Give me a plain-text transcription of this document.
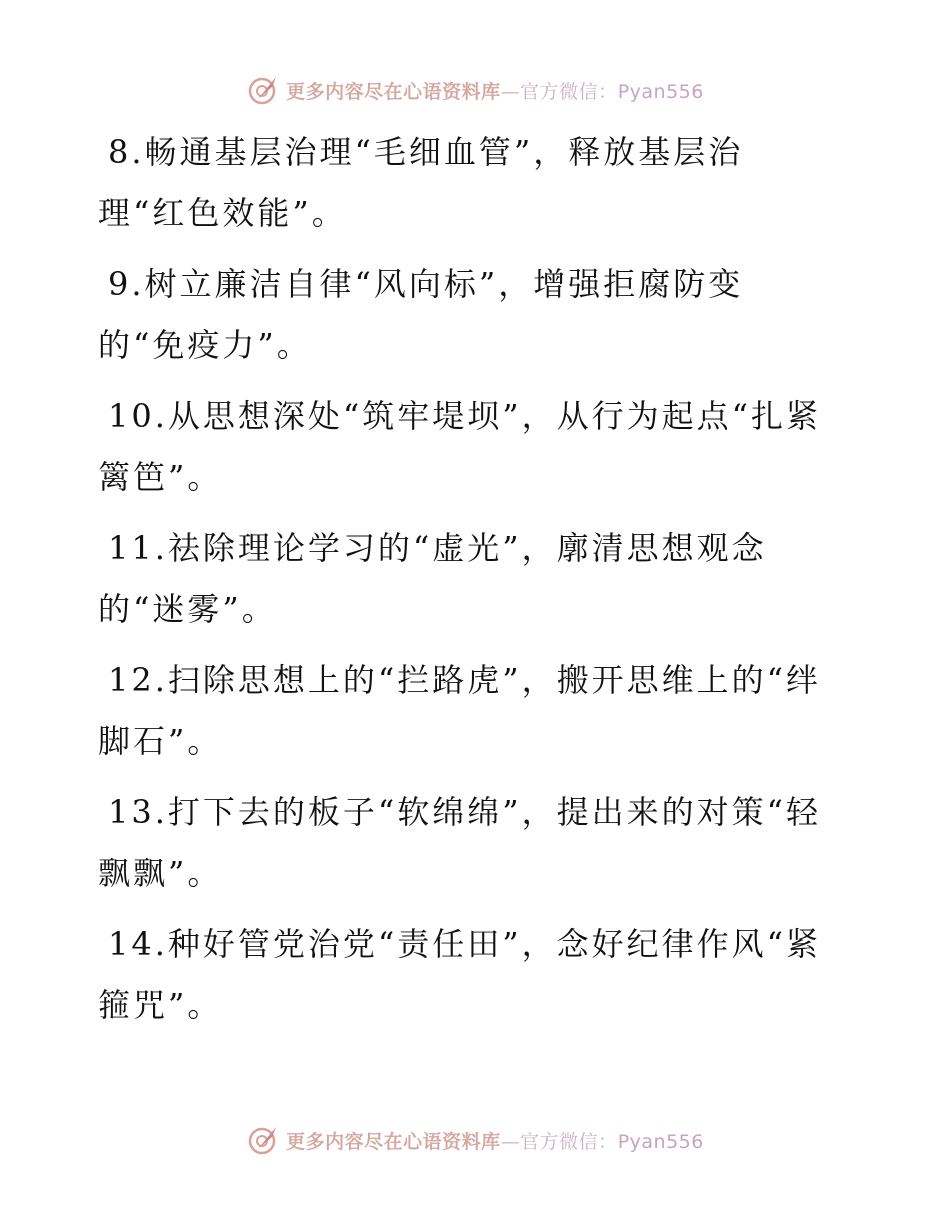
更多内容尽在心语资料库—官方微信：Pyan556
8.畅通基层治理“毛细血管”，释放基层治
理“红色效能”。
9.树立廉洁自律“风向标”，增强拒腐防变
的“免疫力”。
10.从思想深处“筑牢堤坝”，从行为起点“扎紧
篱笆”。
11.祛除理论学习的“虚光”，廓清思想观念
的“迷雾”。
12.扫除思想上的“拦路虎”，搬开思维上的“绊
脚石”。
13.打下去的板子“软绵绵”，提出来的对策“轻
飘飘”。
14.种好管党治党“责任田”，念好纪律作风“紧
箍咒”。
更多内容尽在心语资料库—官方微信：Pyan556
